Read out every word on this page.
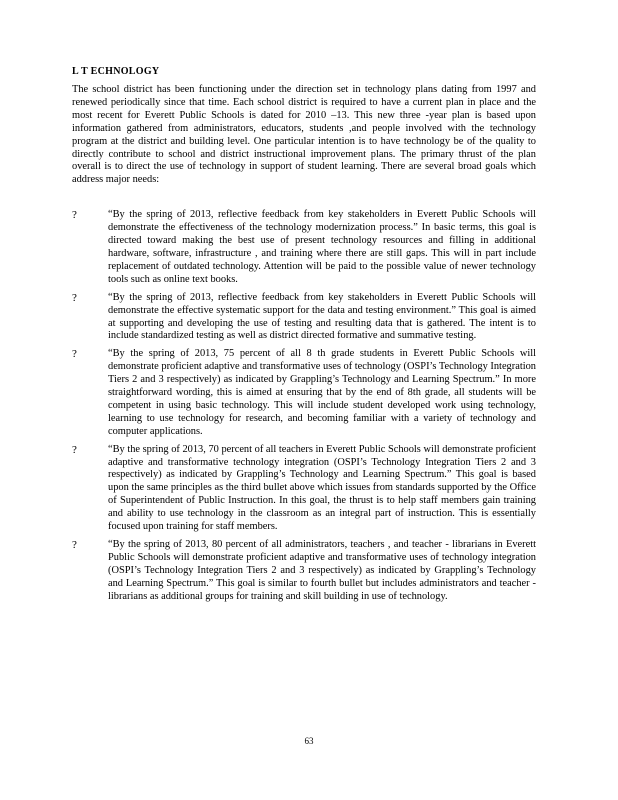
L T ECHNOLOGY

The school district has been functioning under the direction set in technology plans dating from 1997 and renewed periodically since that time. Each school district is required to have a current plan in place and the most recent for Everett Public Schools is dated for 2010 –13. This new three -year plan is based upon information gathered from administrators, educators, students ,and people involved with the technology program at the district and building level. One particular intention is to have technology be of the quality to directly contribute to school and district instructional improvement plans. The primary thrust of the plan overall is to direct the use of technology in support of student learning. There are several broad goals which address major needs:

?	“By the spring of 2013, reflective feedback from key stakeholders in Everett Public Schools will demonstrate the effectiveness of the technology modernization process.” In basic terms, this goal is directed toward making the best use of present technology resources and filling in additional hardware, software, infrastructure , and training where there are still gaps. This will in part include replacement of outdated technology. Attention will be paid to the possible value of newer technology tools such as online text books.
?	“By the spring of 2013, reflective feedback from key stakeholders in Everett Public Schools will demonstrate the effective systematic support for the data and testing environment.” This goal is aimed at supporting and developing the use of testing and resulting data that is gathered. The intent is to include standardized testing as well as district directed formative and summative testing.
?	“By the spring of 2013, 75 percent of all 8 th grade students in Everett Public Schools will demonstrate proficient adaptive and transformative uses of technology (OSPI’s Technology Integration Tiers 2 and 3 respectively) as indicated by Grappling’s Technology and Learning Spectrum.” In more straightforward wording, this is aimed at ensuring that by the end of 8th grade, all students will be competent in using basic technology. This will include student developed work using technology, learning to use technology for research, and becoming familiar with a variety of technology and computer applications.
?	“By the spring of 2013, 70 percent of all teachers in Everett Public Schools will demonstrate proficient adaptive and transformative technology integration (OSPI’s Technology Integration Tiers 2 and 3 respectively) as indicated by Grappling’s Technology and Learning Spectrum.” This goal is based upon the same principles as the third bullet above which issues from standards supported by the Office of Superintendent of Public Instruction. In this goal, the thrust is to help staff members gain training and ability to use technology in the classroom as an integral part of instruction. This is essentially focused upon training for staff members.
?	“By the spring of 2013, 80 percent of all administrators, teachers , and teacher - librarians in Everett Public Schools will demonstrate proficient adaptive and transformative uses of technology integration (OSPI’s Technology Integration Tiers 2 and 3 respectively) as indicated by Grappling’s Technology and Learning Spectrum.” This goal is similar to fourth bullet but includes administrators and teacher -librarians as additional groups for training and skill building in use of technology.
63
